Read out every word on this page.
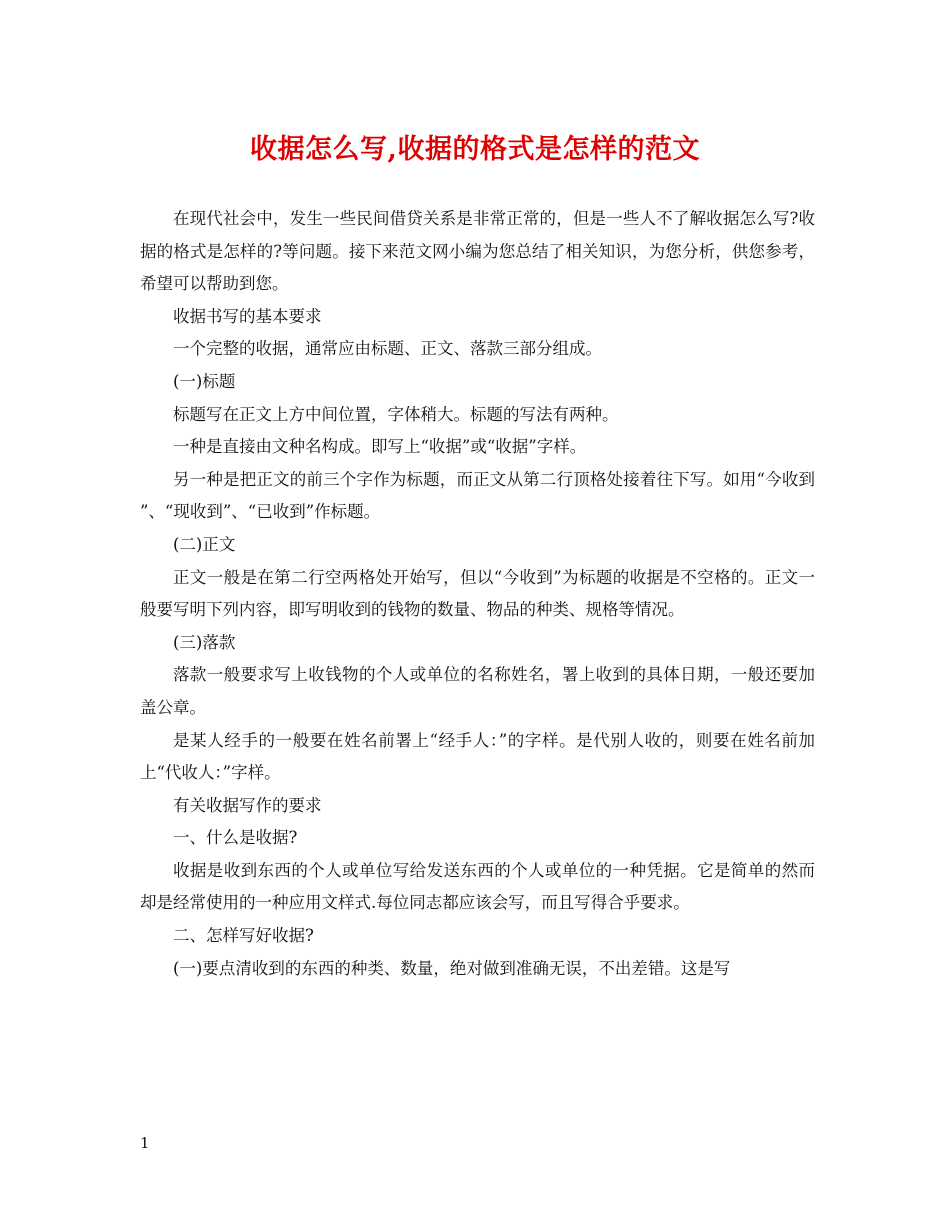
收据怎么写,收据的格式是怎样的范文

在现代社会中，发生一些民间借贷关系是非常正常的，但是一些人不了解收据怎么写?收据的格式是怎样的?等问题。接下来范文网小编为您总结了相关知识，为您分析，供您参考，希望可以帮助到您。

收据书写的基本要求

一个完整的收据，通常应由标题、正文、落款三部分组成。

(一)标题

标题写在正文上方中间位置，字体稍大。标题的写法有两种。

一种是直接由文种名构成。即写上“收据”或“收据”字样。

另一种是把正文的前三个字作为标题，而正文从第二行顶格处接着往下写。如用“今收到 ”、“现收到”、“已收到”作标题。

(二)正文

正文一般是在第二行空两格处开始写，但以“今收到”为标题的收据是不空格的。正文一般要写明下列内容，即写明收到的钱物的数量、物品的种类、规格等情况。

(三)落款

落款一般要求写上收钱物的个人或单位的名称姓名，署上收到的具体日期，一般还要加盖公章。

是某人经手的一般要在姓名前署上“经手人：”的字样。是代别人收的，则要在姓名前加上“代收人：”字样。

有关收据写作的要求

一、什么是收据?

收据是收到东西的个人或单位写给发送东西的个人或单位的一种凭据。它是简单的然而却是经常使用的一种应用文样式.每位同志都应该会写，而且写得合乎要求。

二、怎样写好收据?

(一)要点清收到的东西的种类、数量，绝对做到准确无误，不出差错。这是写

1
